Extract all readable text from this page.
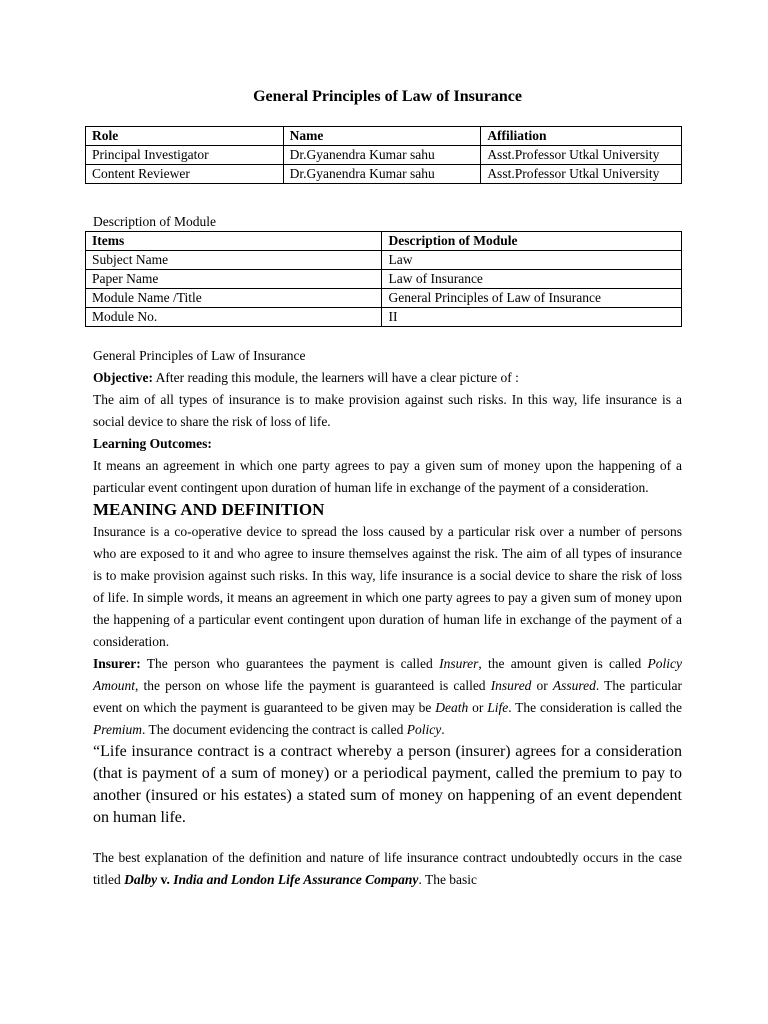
General Principles of Law of Insurance
Role	Name	Affiliation
Principal Investigator	Dr.Gyanendra Kumar sahu	Asst.Professor Utkal University
Content Reviewer	Dr.Gyanendra Kumar sahu	Asst.Professor Utkal University
Description of Module
Items	Description of Module
Subject Name	Law
Paper Name	Law of Insurance
Module Name /Title	General Principles of Law of Insurance
Module No.	II

General Principles of Law of Insurance

Objective: After reading this module, the learners will have a clear picture of :

The aim of all types of insurance is to make provision against such risks. In this way, life insurance is a social device to share the risk of loss of life.

Learning Outcomes:

It means an agreement in which one party agrees to pay a given sum of money upon the happening of a particular event contingent upon duration of human life in exchange of the payment of a consideration.

MEANING AND DEFINITION

Insurance is a co-operative device to spread the loss caused by a particular risk over a number of persons who are exposed to it and who agree to insure themselves against the risk. The aim of all types of insurance is to make provision against such risks. In this way, life insurance is a social device to share the risk of loss of life. In simple words, it means an agreement in which one party agrees to pay a given sum of money upon the happening of a particular event contingent upon duration of human life in exchange of the payment of a consideration.

Insurer: The person who guarantees the payment is called Insurer, the amount given is called Policy Amount, the person on whose life the payment is guaranteed is called Insured or Assured. The particular event on which the payment is guaranteed to be given may be Death or Life. The consideration is called the Premium. The document evidencing the contract is called Policy.

“Life insurance contract is a contract whereby a person (insurer) agrees for a consideration (that is payment of a sum of money) or a periodical payment, called the premium to pay to another (insured or his estates) a stated sum of money on happening of an event dependent on human life.

The best explanation of the definition and nature of life insurance contract undoubtedly occurs in the case titled Dalby v. India and London Life Assurance Company. The basic
